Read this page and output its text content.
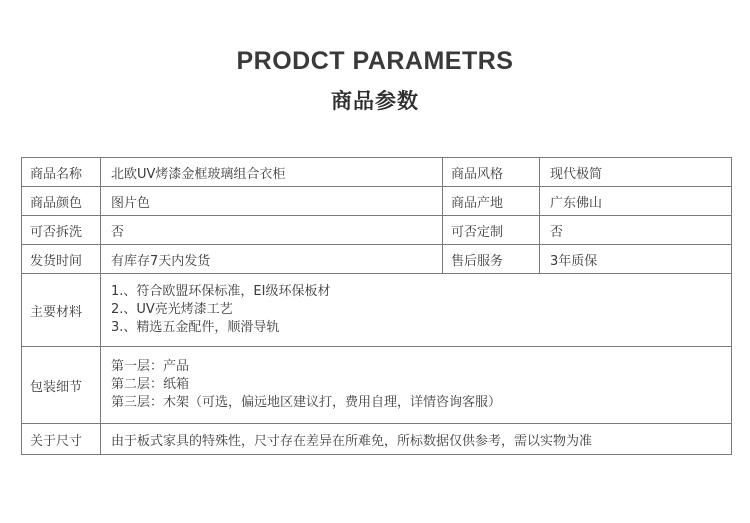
PRODCT PARAMETRS
商品参数
商品名称	北欧UV烤漆金框玻璃组合衣柜	商品风格	现代极简
商品颜色	图片色	商品产地	广东佛山
可否拆洗	否	可否定制	否
发货时间	有库存7天内发货	售后服务	3年质保
主要材料	1.、符合欧盟环保标准，EI级环保板材
2.、UV亮光烤漆工艺
3.、精选五金配件，顺滑导轨		

包装细节	第一层：产品
第二层：纸箱
第三层：木架（可选，偏远地区建议打，费用自理，详情咨询客服）		

关于尺寸	由于板式家具的特殊性，尺寸存在差异在所难免，所标数据仅供参考，需以实物为准		
